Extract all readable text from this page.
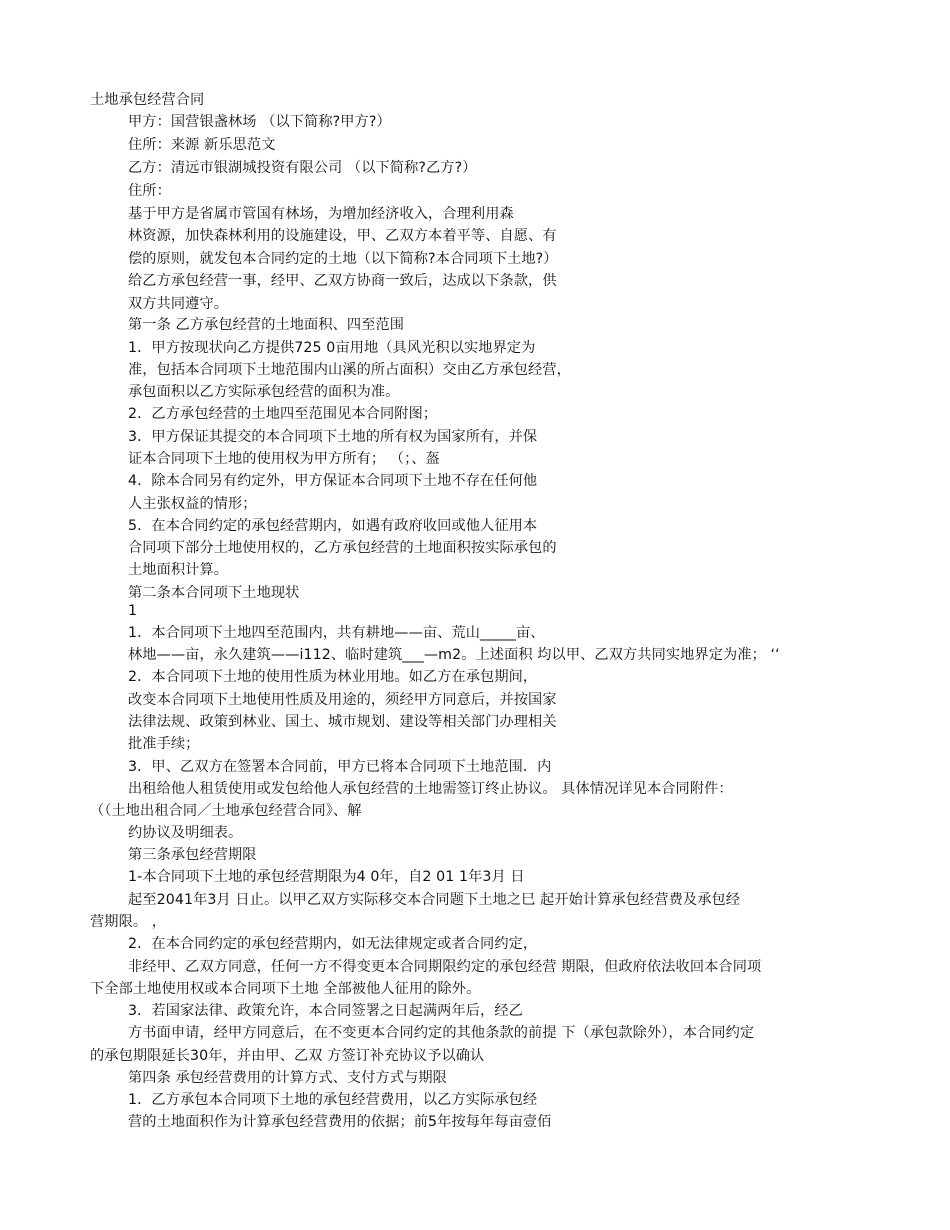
土地承包经营合同
甲方：国营银盏林场 （以下简称?甲方?）
住所：来源 新乐思范文
乙方：清远市银湖城投资有限公司 （以下简称?乙方?）
住所：
基于甲方是省属市管国有林场，为增加经济收入，合理利用森
林资源，加快森林利用的设施建设，甲、乙双方本着平等、自愿、有
偿的原则，就发包本合同约定的土地（以下简称?本合同项下土地?）
给乙方承包经营一事，经甲、乙双方协商一致后，达成以下条款，供
双方共同遵守。
第一条 乙方承包经营的土地面积、四至范围
1．甲方按现状向乙方提供725 0亩用地（具风光积以实地界定为
准，包括本合同项下土地范围内山溪的所占面积）交由乙方承包经营，
承包面积以乙方实际承包经营的面积为准。
2．乙方承包经营的土地四至范围见本合同附图；
3．甲方保证其提交的本合同项下土地的所有权为国家所有，并保
证本合同项下土地的使用权为甲方所有； （；、盔
4．除本合同另有约定外，甲方保证本合同项下土地不存在任何他
人主张权益的情形；
5．在本合同约定的承包经营期内，如遇有政府收回或他人征用本
合同项下部分土地使用权的，乙方承包经营的土地面积按实际承包的
土地面积计算。
第二条本合同项下土地现状
1
1．本合同项下土地四至范围内，共有耕地——亩、荒山_____亩、
林地——亩，永久建筑——i112、临时建筑___—m2。上述面积 均以甲、乙双方共同实地界定为准； ‘‘
2．本合同项下土地的使用性质为林业用地。如乙方在承包期间，
改变本合同项下土地使用性质及用途的，须经甲方同意后，并按国家
法律法规、政策到林业、国土、城市规划、建设等相关部门办理相关
批准手续；
3．甲、乙双方在签署本合同前，甲方已将本合同项下土地范围．内
出租给他人租赁使用或发包给他人承包经营的土地需签订终止协议。 具体情况详见本合同附件：
（（土地出租合同／土地承包经营合同》、解
约协议及明细表。
第三条承包经营期限
1-本合同项下土地的承包经营期限为4 0年，自2 01 1年3月 日
起至2041年3月 日止。以甲乙双方实际移交本合同题下土地之巳 起开始计算承包经营费及承包经
营期限。 ，
2．在本合同约定的承包经营期内，如无法律规定或者合同约定，
非经甲、乙双方同意，任何一方不得变更本合同期限约定的承包经营 期限，但政府依法收回本合同项
下全部土地使用权或本合同项下土地 全部被他人征用的除外。
3．若国家法律、政策允许，本合同签署之日起满两年后，经乙
方书面申请，经甲方同意后，在不变更本合同约定的其他条款的前提 下（承包款除外），本合同约定
的承包期限延长30年，并由甲、乙双 方签订补充协议予以确认
第四条 承包经营费用的计算方式、支付方式与期限
1．乙方承包本合同项下土地的承包经营费用，以乙方实际承包经
营的土地面积作为计算承包经营费用的依据；前5年按每年每亩壹佰
